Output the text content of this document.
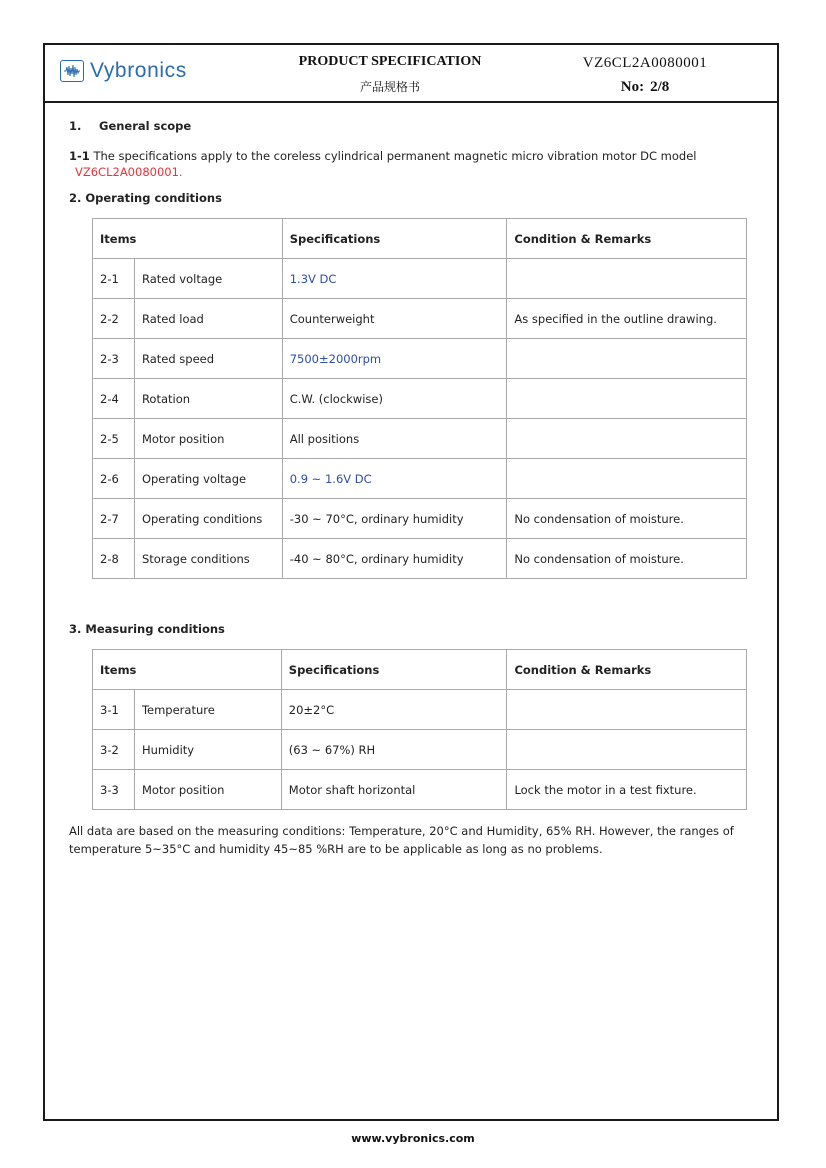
Vybronics	PRODUCT SPECIFICATION
产品规格书
VZ6CL2A0080001
No: 2/8
1. General scope
1-1 The specifications apply to the coreless cylindrical permanent magnetic micro vibration motor DC model
VZ6CL2A0080001.
2. Operating conditions
Items		Specifications	Condition & Remarks
2-1	Rated voltage	1.3V DC	
2-2	Rated load	Counterweight	As specified in the outline drawing.
2-3	Rated speed	7500±2000rpm	
2-4	Rotation	C.W. (clockwise)	
2-5	Motor position	All positions	
2-6	Operating voltage	0.9 ~ 1.6V DC	
2-7	Operating conditions	-30 ~ 70°C, ordinary humidity	No condensation of moisture.
2-8	Storage conditions	-40 ~ 80°C, ordinary humidity	No condensation of moisture.
3. Measuring conditions
Items		Specifications	Condition & Remarks
3-1	Temperature	20±2°C	
3-2	Humidity	(63 ~ 67%) RH	
3-3	Motor position	Motor shaft horizontal	Lock the motor in a test fixture.
All data are based on the measuring conditions: Temperature, 20°C and Humidity, 65% RH. However, the ranges of temperature 5~35°C and humidity 45~85 %RH are to be applicable as long as no problems.
www.vybronics.com
